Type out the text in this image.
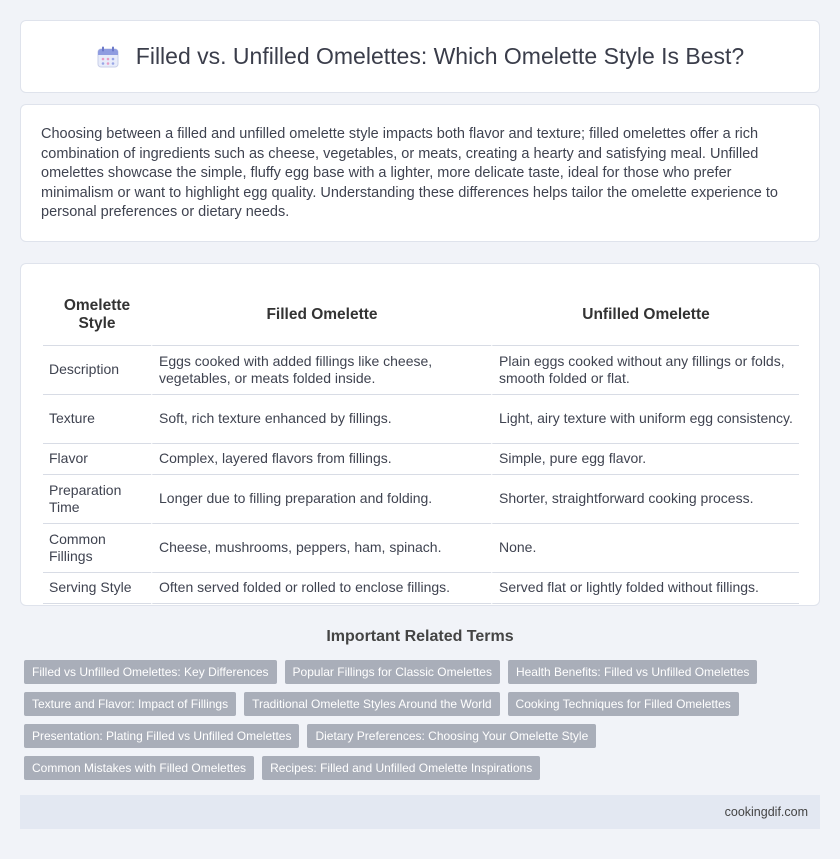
Filled vs. Unfilled Omelettes: Which Omelette Style Is Best?

Choosing between a filled and unfilled omelette style impacts both flavor and texture; filled omelettes offer a rich combination of ingredients such as cheese, vegetables, or meats, creating a hearty and satisfying meal. Unfilled omelettes showcase the simple, fluffy egg base with a lighter, more delicate taste, ideal for those who prefer minimalism or want to highlight egg quality. Understanding these differences helps tailor the omelette experience to personal preferences or dietary needs.

Omelette Style	Filled Omelette	Unfilled Omelette
Description	Eggs cooked with added fillings like cheese, vegetables, or meats folded inside.	Plain eggs cooked without any fillings or folds, smooth folded or flat.
Texture	Soft, rich texture enhanced by fillings.	Light, airy texture with uniform egg consistency.
Flavor	Complex, layered flavors from fillings.	Simple, pure egg flavor.
Preparation Time	Longer due to filling preparation and folding.	Shorter, straightforward cooking process.
Common Fillings	Cheese, mushrooms, peppers, ham, spinach.	None.
Serving Style	Often served folded or rolled to enclose fillings.	Served flat or lightly folded without fillings.
Important Related Terms
Filled vs Unfilled Omelettes: Key Differences	Popular Fillings for Classic Omelettes	Health Benefits: Filled vs Unfilled Omelettes
Texture and Flavor: Impact of Fillings	Traditional Omelette Styles Around the World	Cooking Techniques for Filled Omelettes
Presentation: Plating Filled vs Unfilled Omelettes	Dietary Preferences: Choosing Your Omelette Style
Common Mistakes with Filled Omelettes	Recipes: Filled and Unfilled Omelette Inspirations
cookingdif.com
